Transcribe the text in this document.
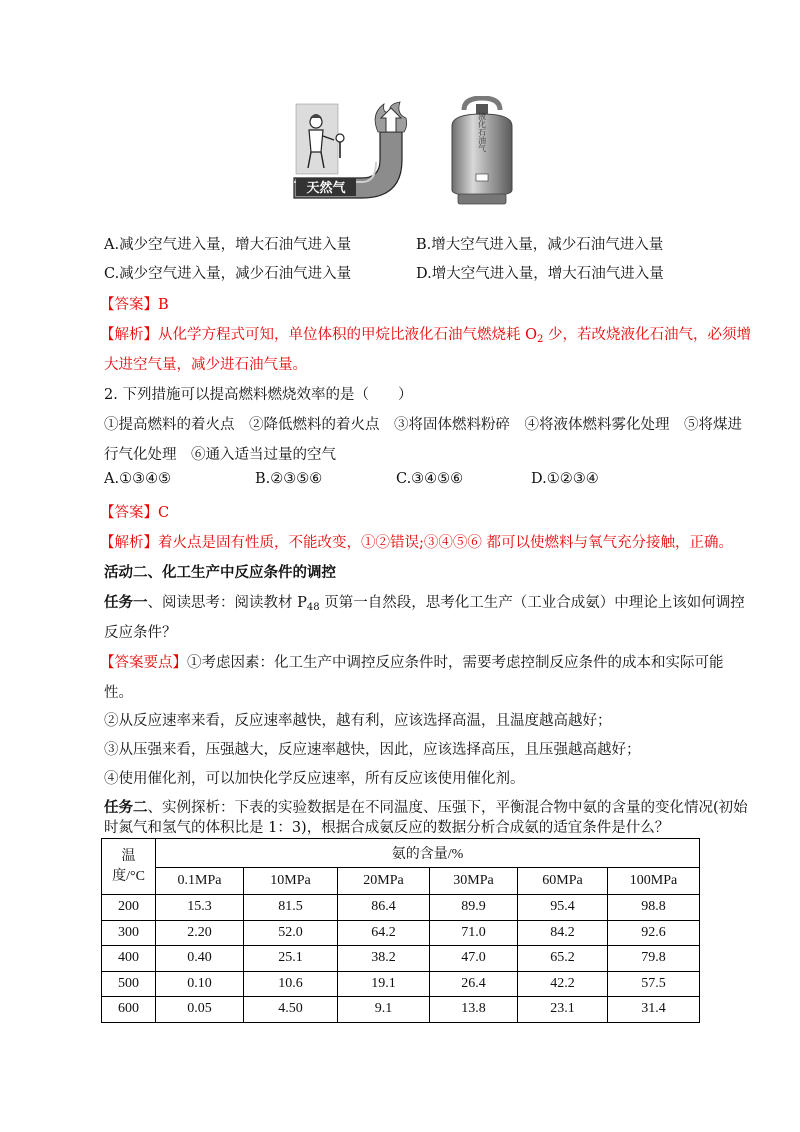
天然气
液化石油气
A.减少空气进入量，增大石油气进入量	B.增大空气进入量，减少石油气进入量
C.减少空气进入量，减少石油气进入量	D.增大空气进入量，增大石油气进入量
【答案】B
【解析】从化学方程式可知，单位体积的甲烷比液化石油气燃烧耗 $O_2$ 少，若改烧液化石油气，必须增
大进空气量，减少进石油气量。
2. 下列措施可以提高燃料燃烧效率的是（　　）
①提高燃料的着火点　②降低燃料的着火点　③将固体燃料粉碎　④将液体燃料雾化处理　⑤将煤进
行气化处理　⑥通入适当过量的空气
A.①③④⑤	B.②③⑤⑥	C.③④⑤⑥	D.①②③④
【答案】C
【解析】着火点是固有性质，不能改变，①②错误;③④⑤⑥ 都可以使燃料与氧气充分接触，正确。
活动二、化工生产中反应条件的调控
任务一、阅读思考：阅读教材 $P_{48}$ 页第一自然段，思考化工生产（工业合成氨）中理论上该如何调控
反应条件？
【答案要点】①考虑因素：化工生产中调控反应条件时，需要考虑控制反应条件的成本和实际可能
性。
②从反应速率来看，反应速率越快，越有利，应该选择高温，且温度越高越好；
③从压强来看，压强越大，反应速率越快，因此，应该选择高压，且压强越高越好；
④使用催化剂，可以加快化学反应速率，所有反应该使用催化剂。
任务二、实例探析：下表的实验数据是在不同温度、压强下，平衡混合物中氨的含量的变化情况(初始
时氮气和氢气的体积比是 1：3)，根据合成氨反应的数据分析合成氨的适宜条件是什么？
温
度/°C	氨的含量/%					
	0.1MPa	10MPa	20MPa	30MPa	60MPa	100MPa
200	15.3	81.5	86.4	89.9	95.4	98.8
300	2.20	52.0	64.2	71.0	84.2	92.6
400	0.40	25.1	38.2	47.0	65.2	79.8
500	0.10	10.6	19.1	26.4	42.2	57.5
600	0.05	4.50	9.1	13.8	23.1	31.4
